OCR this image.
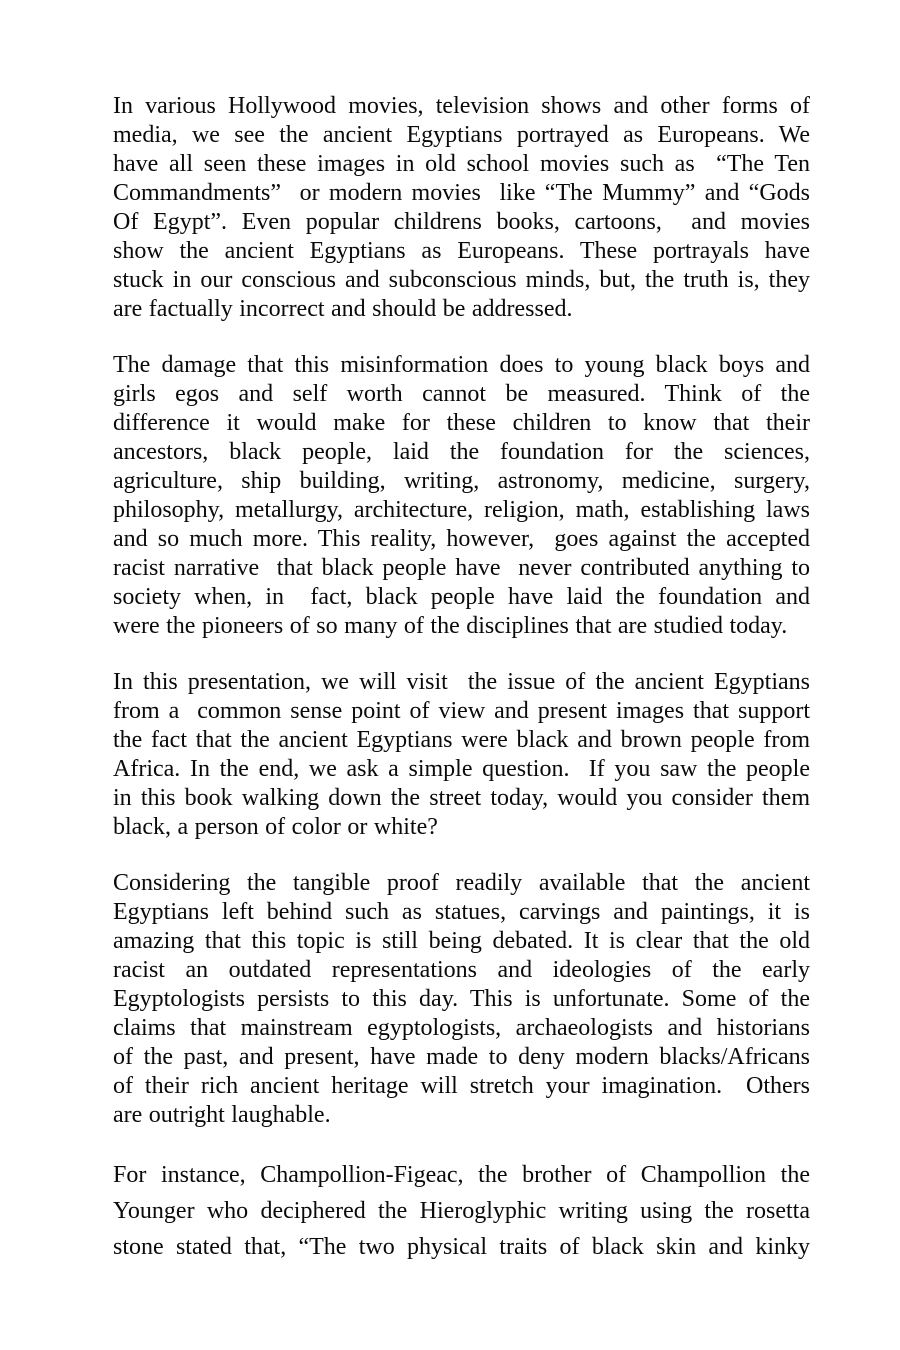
In various Hollywood movies, television shows and other forms of
media, we see the ancient Egyptians portrayed as Europeans. We
have all seen these images in old school movies such as  “The Ten
Commandments”  or modern movies  like “The Mummy” and “Gods
Of Egypt”. Even popular childrens books, cartoons,  and movies
show the ancient Egyptians as Europeans. These portrayals have
stuck in our conscious and subconscious minds, but, the truth is, they
are factually incorrect and should be addressed.

The damage that this misinformation does to young black boys and
girls egos and self worth cannot be measured. Think of the
difference it would make for these children to know that their
ancestors, black people, laid the foundation for the sciences,
agriculture, ship building, writing, astronomy, medicine, surgery,
philosophy, metallurgy, architecture, religion, math, establishing laws
and so much more. This reality, however,  goes against the accepted
racist narrative  that black people have  never contributed anything to
society when, in  fact, black people have laid the foundation and
were the pioneers of so many of the disciplines that are studied today.

In this presentation, we will visit  the issue of the ancient Egyptians
from a  common sense point of view and present images that support
the fact that the ancient Egyptians were black and brown people from
Africa. In the end, we ask a simple question.  If you saw the people
in this book walking down the street today, would you consider them
black, a person of color or white?

Considering the tangible proof readily available that the ancient
Egyptians left behind such as statues, carvings and paintings, it is
amazing that this topic is still being debated. It is clear that the old
racist an outdated representations and ideologies of the early
Egyptologists persists to this day. This is unfortunate. Some of the
claims that mainstream egyptologists, archaeologists and historians
of the past, and present, have made to deny modern blacks/Africans
of their rich ancient heritage will stretch your imagination.  Others
are outright laughable.

For instance, Champollion-Figeac, the brother of Champollion the
Younger who deciphered the Hieroglyphic writing using the rosetta
stone stated that, “The two physical traits of black skin and kinky
